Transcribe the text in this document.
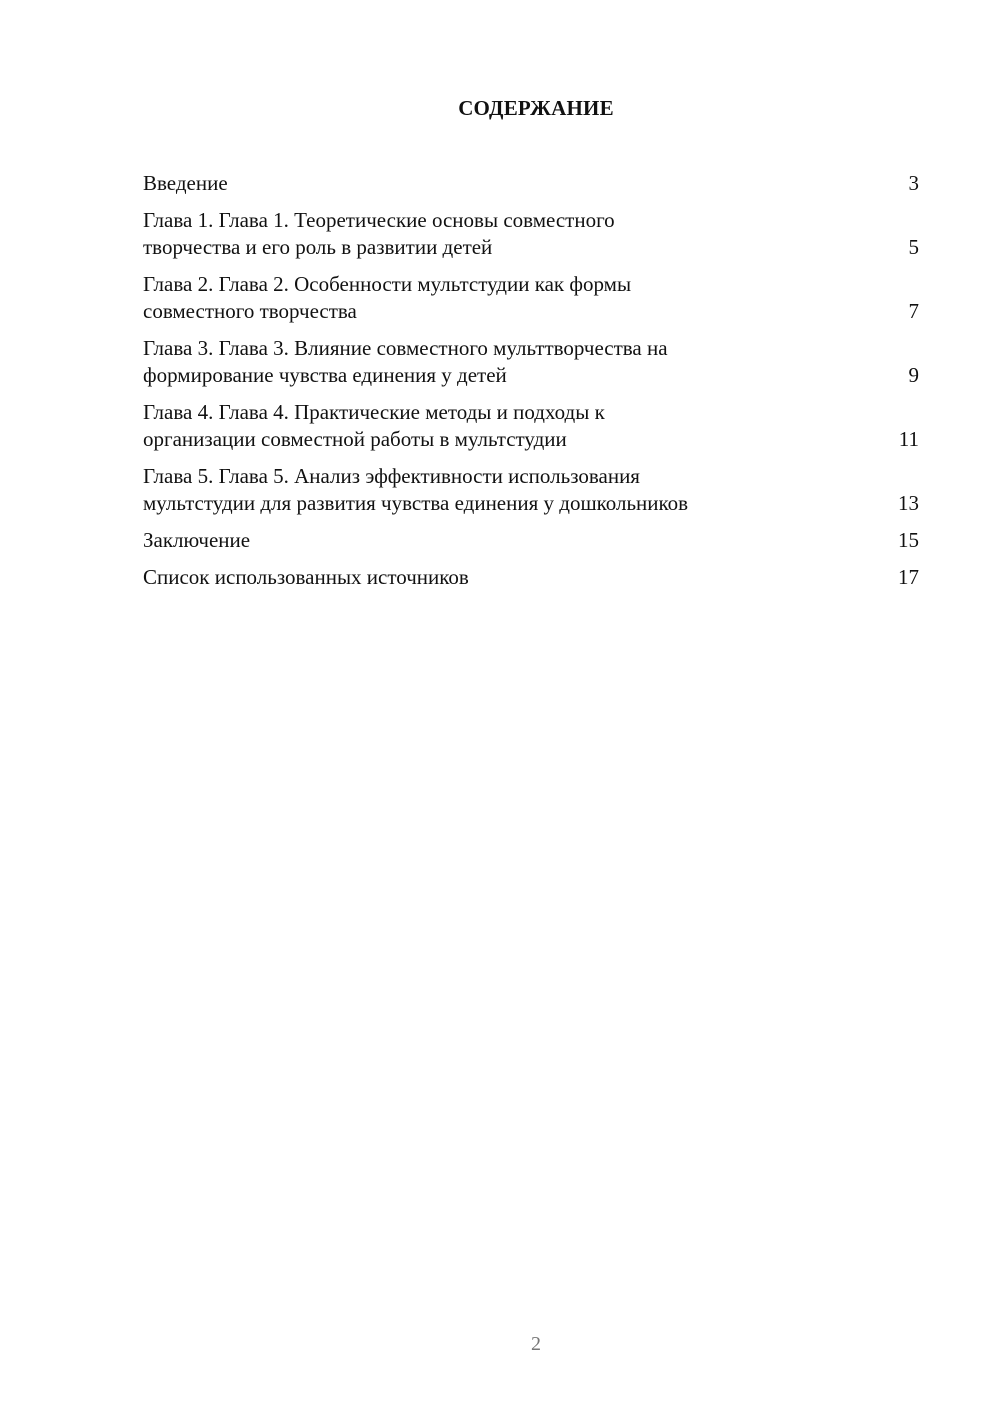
СОДЕРЖАНИЕ
Введение	3
Глава 1. Глава 1. Теоретические основы совместного
творчества и его роль в развитии детей	5
Глава 2. Глава 2. Особенности мультстудии как формы
совместного творчества	7
Глава 3. Глава 3. Влияние совместного мульттворчества на
формирование чувства единения у детей	9
Глава 4. Глава 4. Практические методы и подходы к
организации совместной работы в мультстудии	11
Глава 5. Глава 5. Анализ эффективности использования
мультстудии для развития чувства единения у дошкольников	13
Заключение	15
Список использованных источников	17
2
